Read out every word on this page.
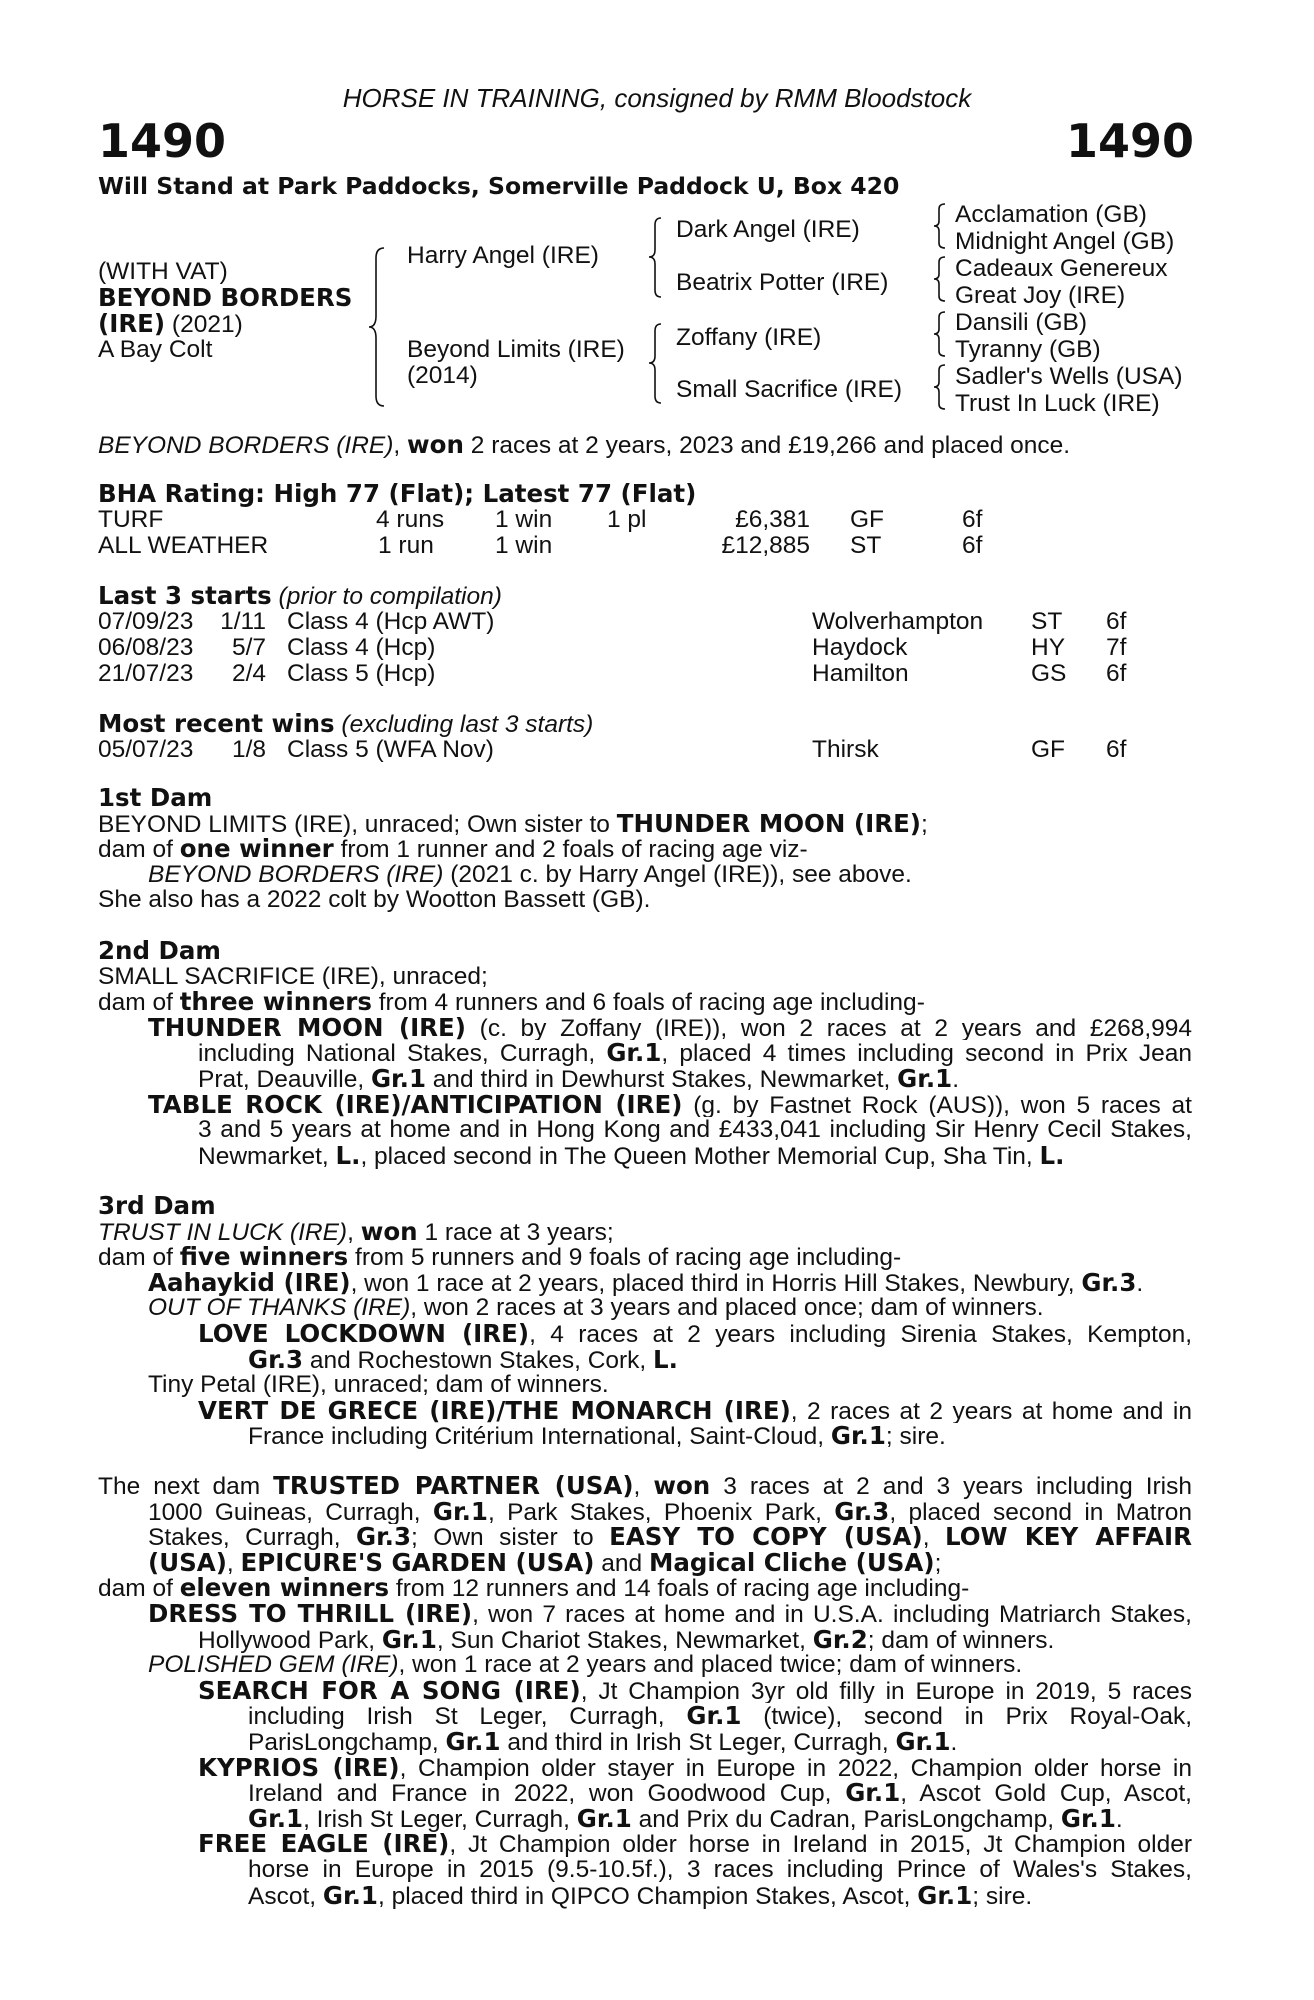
HORSE IN TRAINING, consigned by RMM Bloodstock
1490	1490
Will Stand at Park Paddocks, Somerville Paddock U, Box 420
(WITH VAT)
BEYOND BORDERS
(IRE) (2021)
A Bay Colt
Harry Angel (IRE)
Beyond Limits (IRE)
(2014)
Dark Angel (IRE)
Beatrix Potter (IRE)
Zoffany (IRE)
Small Sacrifice (IRE)
Acclamation (GB)
Midnight Angel (GB)
Cadeaux Genereux
Great Joy (IRE)
Dansili (GB)
Tyranny (GB)
Sadler's Wells (USA)
Trust In Luck (IRE)
BEYOND BORDERS (IRE), won 2 races at 2 years, 2023 and £19,266 and placed once.
BHA Rating: High 77 (Flat); Latest 77 (Flat)
TURF	4 runs 1 win 1 pl	£6,381 GF	6f
ALL WEATHER	1 run 1 win	£12,885 ST	6f
Last 3 starts (prior to compilation)
07/09/23 1/11 Class 4 (Hcp AWT)	Wolverhampton ST 6f
06/08/23 5/7 Class 4 (Hcp)	Haydock	HY 7f
21/07/23 2/4 Class 5 (Hcp)	Hamilton	GS 6f
Most recent wins (excluding last 3 starts)
05/07/23 1/8 Class 5 (WFA Nov)	Thirsk	GF 6f
1st Dam
BEYOND LIMITS (IRE), unraced; Own sister to THUNDER MOON (IRE);
dam of one winner from 1 runner and 2 foals of racing age viz-
BEYOND BORDERS (IRE) (2021 c. by Harry Angel (IRE)), see above.
She also has a 2022 colt by Wootton Bassett (GB).
2nd Dam
SMALL SACRIFICE (IRE), unraced;
dam of three winners from 4 runners and 6 foals of racing age including-
THUNDER MOON (IRE) (c. by Zoffany (IRE)), won 2 races at 2 years and £268,994
including National Stakes, Curragh, Gr.1, placed 4 times including second in Prix Jean
Prat, Deauville, Gr.1 and third in Dewhurst Stakes, Newmarket, Gr.1.
TABLE ROCK (IRE)/ANTICIPATION (IRE) (g. by Fastnet Rock (AUS)), won 5 races at
3 and 5 years at home and in Hong Kong and £433,041 including Sir Henry Cecil Stakes,
Newmarket, L., placed second in The Queen Mother Memorial Cup, Sha Tin, L.
3rd Dam
TRUST IN LUCK (IRE), won 1 race at 3 years;
dam of five winners from 5 runners and 9 foals of racing age including-
Aahaykid (IRE), won 1 race at 2 years, placed third in Horris Hill Stakes, Newbury, Gr.3.
OUT OF THANKS (IRE), won 2 races at 3 years and placed once; dam of winners.
LOVE LOCKDOWN (IRE), 4 races at 2 years including Sirenia Stakes, Kempton,
Gr.3 and Rochestown Stakes, Cork, L.
Tiny Petal (IRE), unraced; dam of winners.
VERT DE GRECE (IRE)/THE MONARCH (IRE), 2 races at 2 years at home and in
France including Critérium International, Saint-Cloud, Gr.1; sire.
The next dam TRUSTED PARTNER (USA), won 3 races at 2 and 3 years including Irish
1000 Guineas, Curragh, Gr.1, Park Stakes, Phoenix Park, Gr.3, placed second in Matron
Stakes, Curragh, Gr.3; Own sister to EASY TO COPY (USA), LOW KEY AFFAIR
(USA), EPICURE'S GARDEN (USA) and Magical Cliche (USA);
dam of eleven winners from 12 runners and 14 foals of racing age including-
DRESS TO THRILL (IRE), won 7 races at home and in U.S.A. including Matriarch Stakes,
Hollywood Park, Gr.1, Sun Chariot Stakes, Newmarket, Gr.2; dam of winners.
POLISHED GEM (IRE), won 1 race at 2 years and placed twice; dam of winners.
SEARCH FOR A SONG (IRE), Jt Champion 3yr old filly in Europe in 2019, 5 races
including Irish St Leger, Curragh, Gr.1 (twice), second in Prix Royal-Oak,
ParisLongchamp, Gr.1 and third in Irish St Leger, Curragh, Gr.1.
KYPRIOS (IRE), Champion older stayer in Europe in 2022, Champion older horse in
Ireland and France in 2022, won Goodwood Cup, Gr.1, Ascot Gold Cup, Ascot,
Gr.1, Irish St Leger, Curragh, Gr.1 and Prix du Cadran, ParisLongchamp, Gr.1.
FREE EAGLE (IRE), Jt Champion older horse in Ireland in 2015, Jt Champion older
horse in Europe in 2015 (9.5-10.5f.), 3 races including Prince of Wales's Stakes,
Ascot, Gr.1, placed third in QIPCO Champion Stakes, Ascot, Gr.1; sire.
